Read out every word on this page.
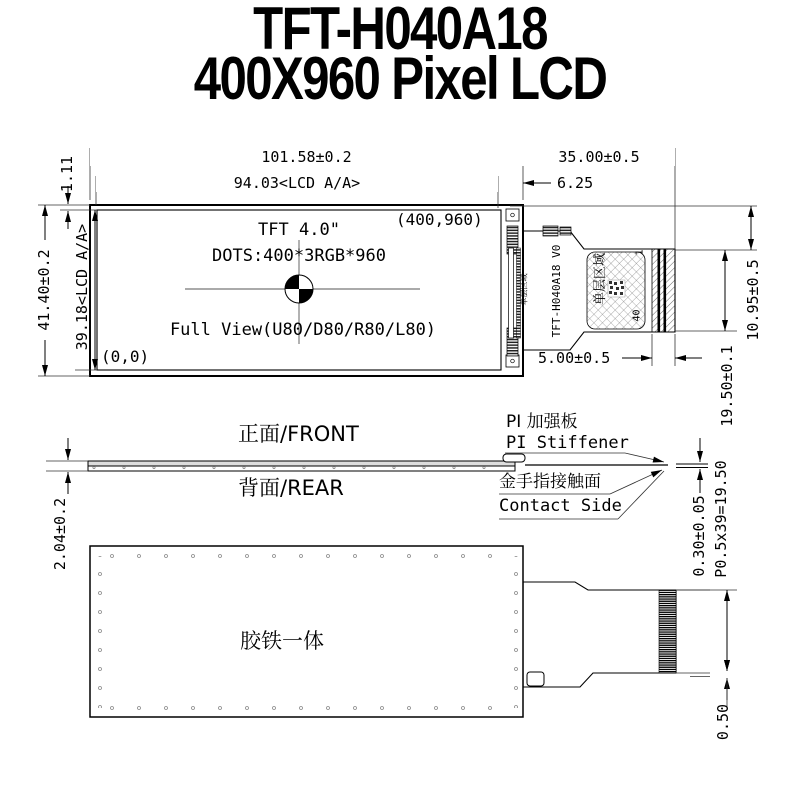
TFT-H040A18
400X960 Pixel LCD
101.58±0.2	35.00±0.5
94.03<LCD A/A>	6.25
1.11
39.18<LCD A/A>
41.40±0.2	10.95±0.5
19.50±0.1
5.00±0.5
TFT 4.0"
DOTS:400*3RGB*960
Full View(U80/D80/R80/L80)
(400,960)
(0,0)
TFT-H040A18 V0 单层区域
单层区域
1
40
正面/FRONT
背面/REAR
2.04±0.2
PI 加强板
PI Stiffener
金手指接触面
Contact Side	0.30±0.05
胶铁一体
P0.5x39=19.50
0.50
